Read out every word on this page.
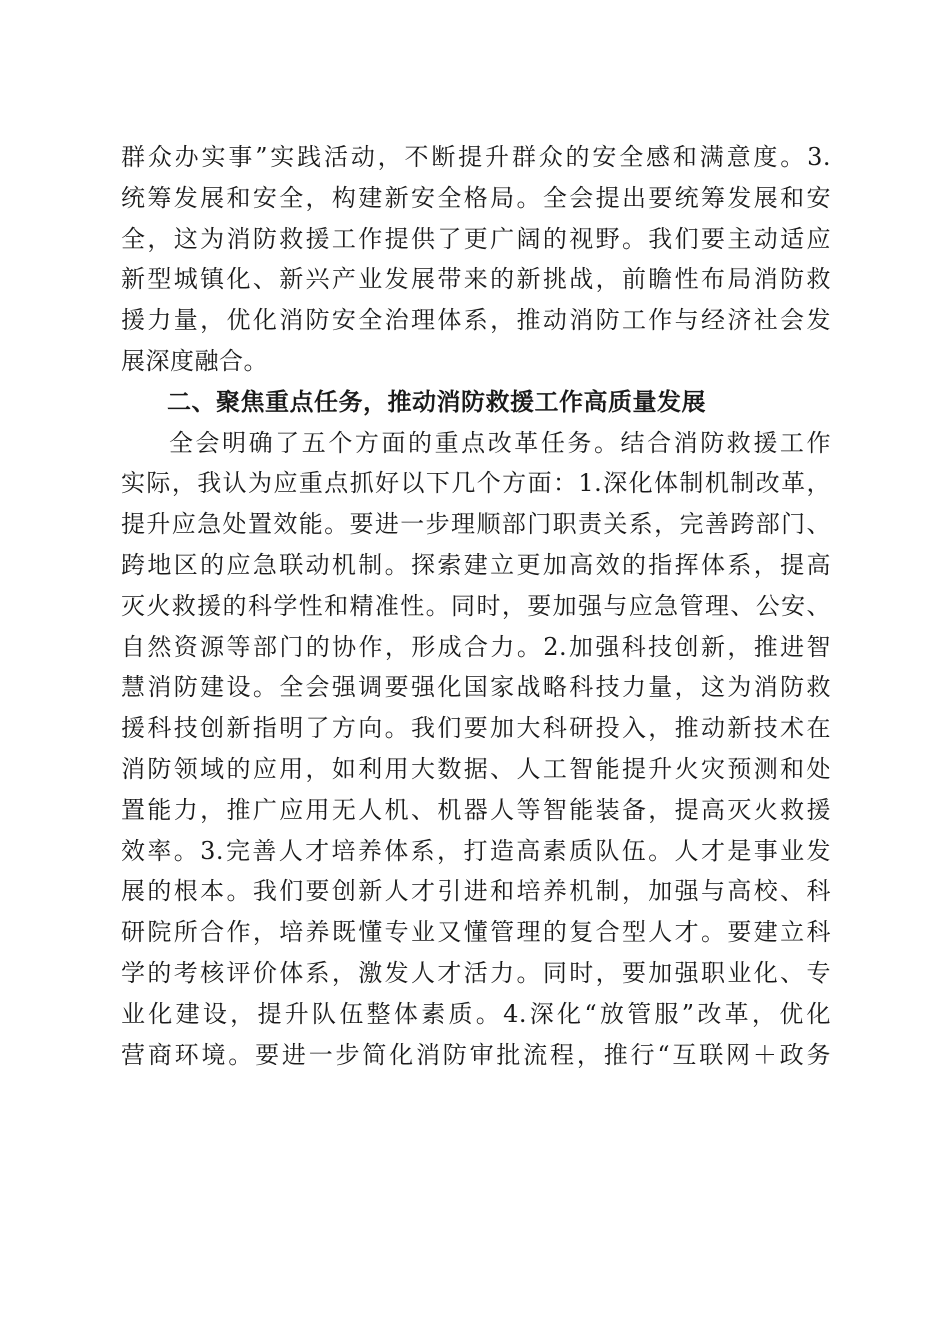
群众办实事”实践活动，不断提升群众的安全感和满意度。3.
统筹发展和安全，构建新安全格局。全会提出要统筹发展和安
全，这为消防救援工作提供了更广阔的视野。我们要主动适应
新型城镇化、新兴产业发展带来的新挑战，前瞻性布局消防救
援力量，优化消防安全治理体系，推动消防工作与经济社会发
展深度融合。
二、聚焦重点任务，推动消防救援工作高质量发展
全会明确了五个方面的重点改革任务。结合消防救援工作
实际，我认为应重点抓好以下几个方面：1.深化体制机制改革，
提升应急处置效能。要进一步理顺部门职责关系，完善跨部门、
跨地区的应急联动机制。探索建立更加高效的指挥体系，提高
灭火救援的科学性和精准性。同时，要加强与应急管理、公安、
自然资源等部门的协作，形成合力。2.加强科技创新，推进智
慧消防建设。全会强调要强化国家战略科技力量，这为消防救
援科技创新指明了方向。我们要加大科研投入，推动新技术在
消防领域的应用，如利用大数据、人工智能提升火灾预测和处
置能力，推广应用无人机、机器人等智能装备，提高灭火救援
效率。3.完善人才培养体系，打造高素质队伍。人才是事业发
展的根本。我们要创新人才引进和培养机制，加强与高校、科
研院所合作，培养既懂专业又懂管理的复合型人才。要建立科
学的考核评价体系，激发人才活力。同时，要加强职业化、专
业化建设，提升队伍整体素质。4.深化“放管服”改革，优化
营商环境。要进一步简化消防审批流程，推行“互联网＋政务
